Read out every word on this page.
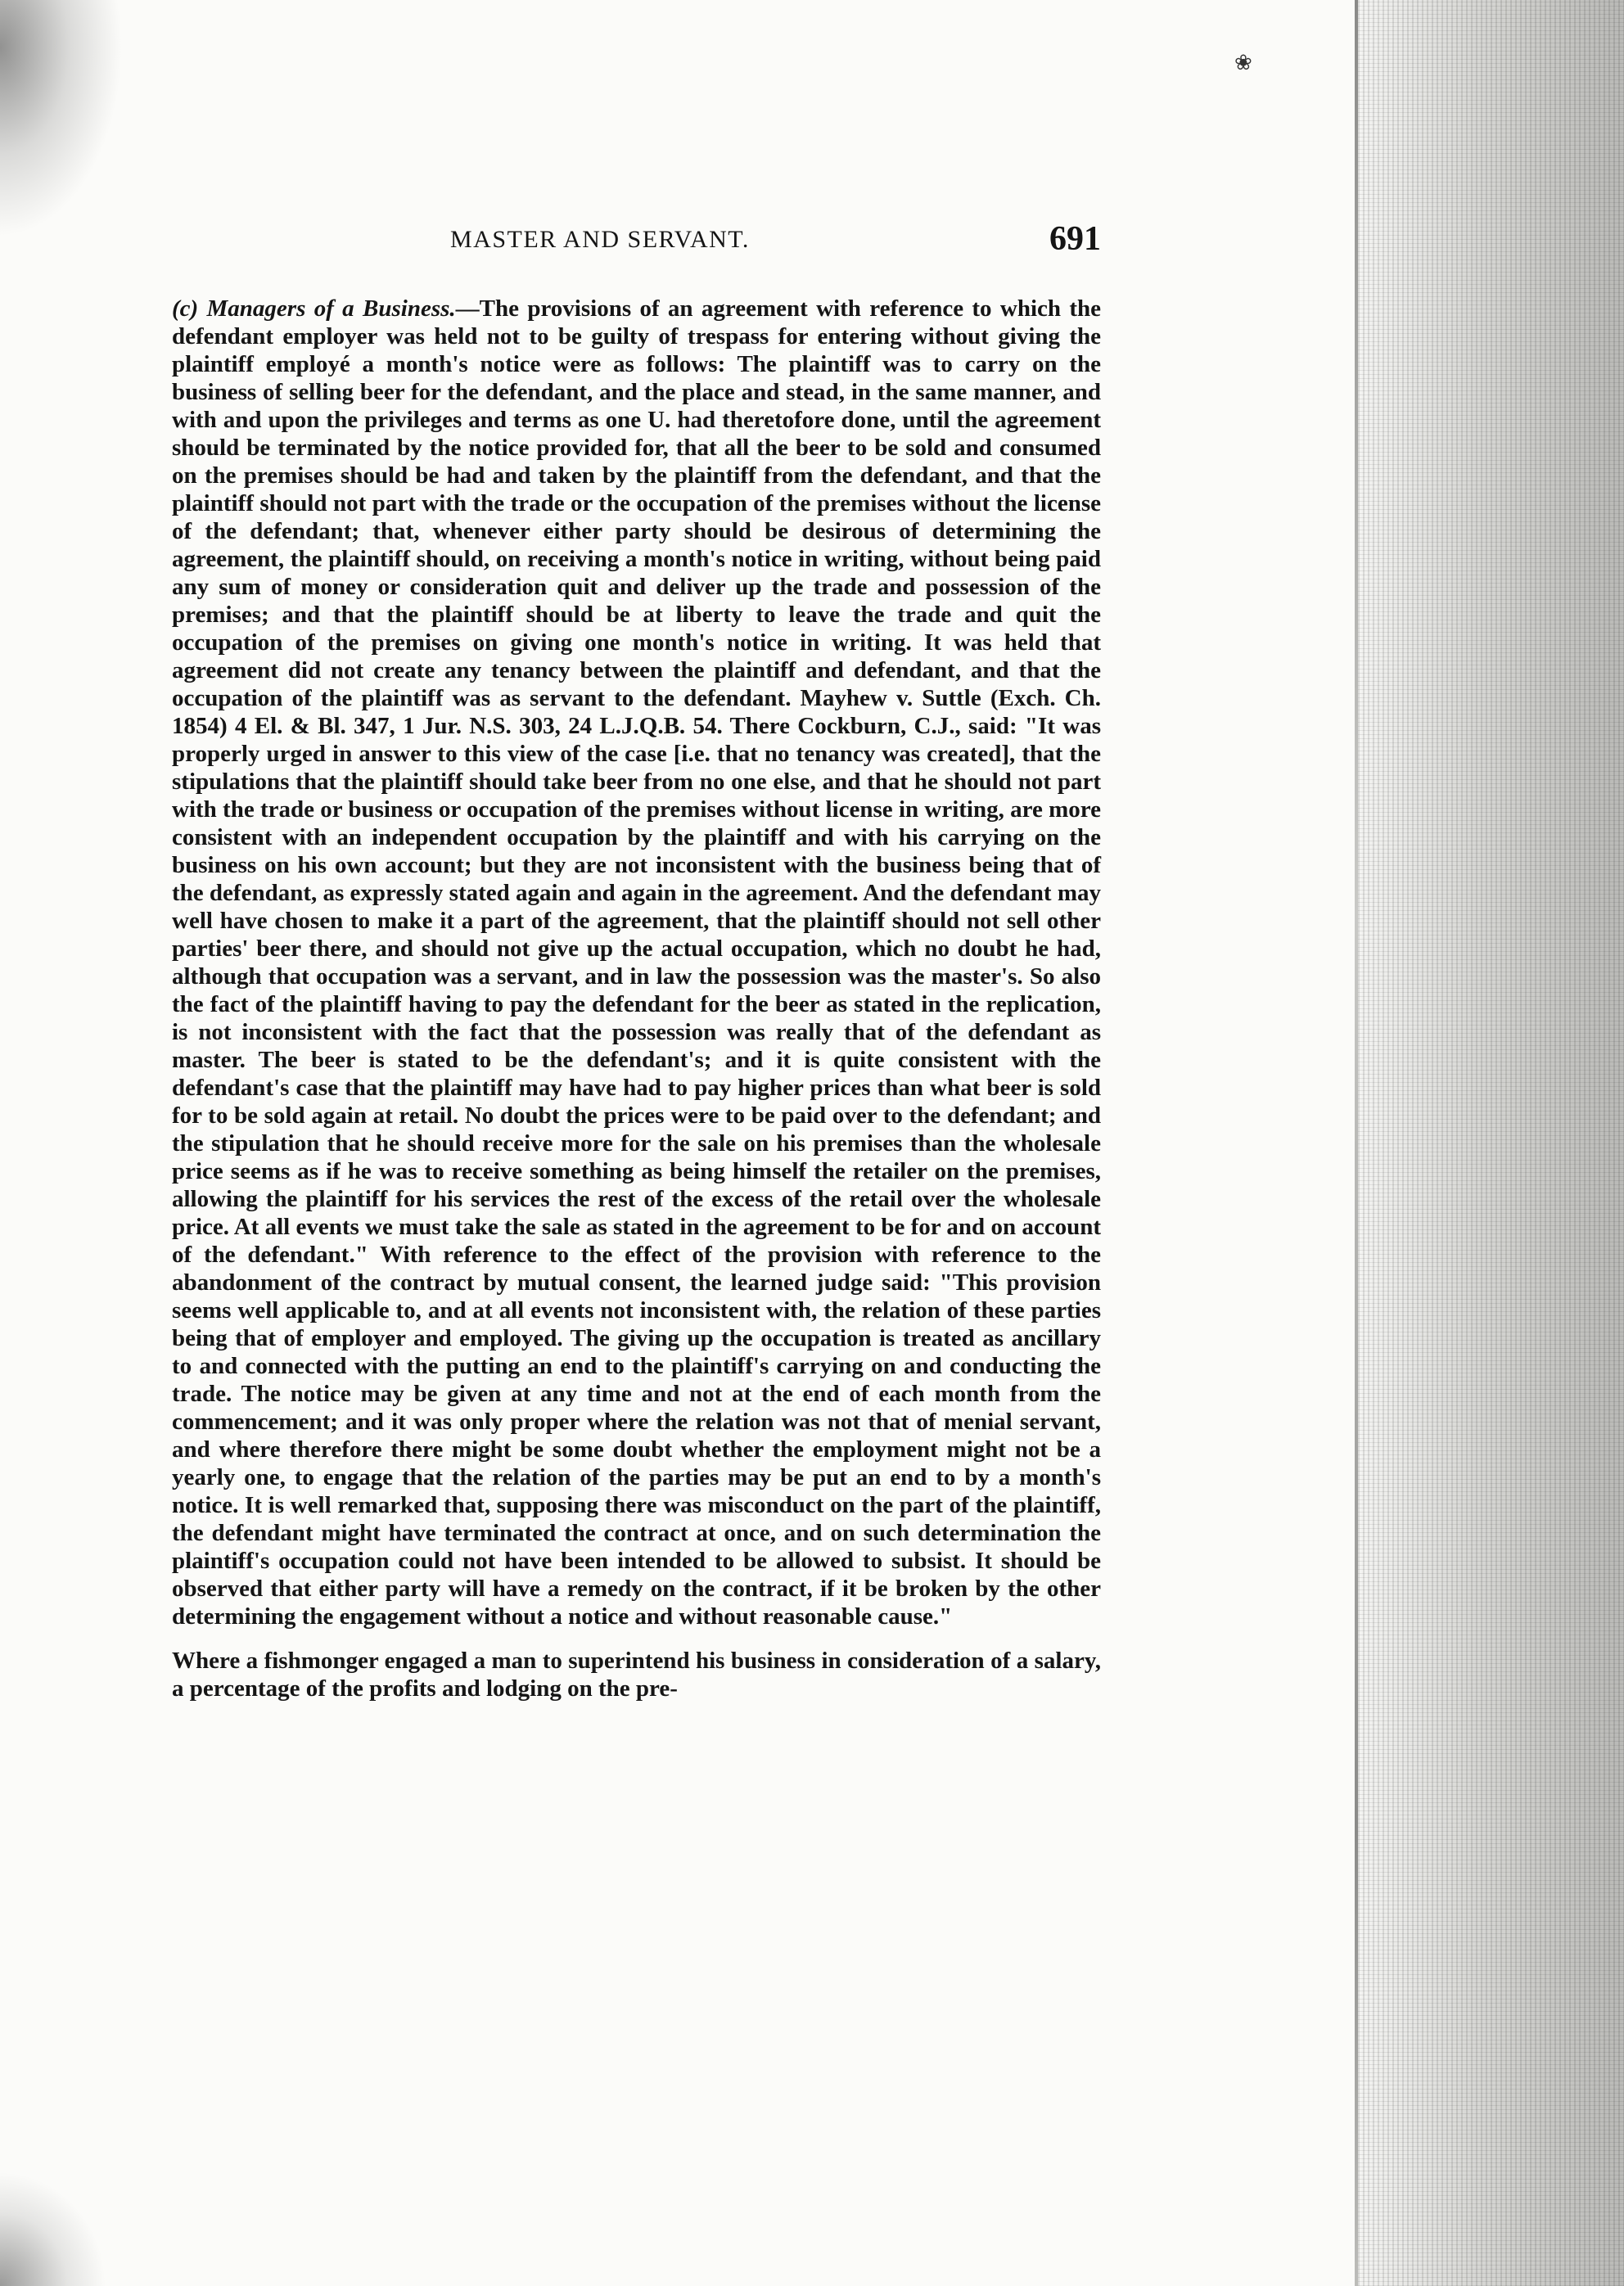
❀
MASTER AND SERVANT.	691

(c) Managers of a Business.—The provisions of an agreement with reference to which the defendant employer was held not to be guilty of trespass for entering without giving the plaintiff employé a month's notice were as follows: The plaintiff was to carry on the business of selling beer for the defendant, and the place and stead, in the same manner, and with and upon the privileges and terms as one U. had theretofore done, until the agreement should be terminated by the notice provided for, that all the beer to be sold and consumed on the premises should be had and taken by the plaintiff from the defendant, and that the plaintiff should not part with the trade or the occupation of the premises without the license of the defendant; that, whenever either party should be desirous of determining the agreement, the plaintiff should, on receiving a month's notice in writing, without being paid any sum of money or consideration quit and deliver up the trade and possession of the premises; and that the plaintiff should be at liberty to leave the trade and quit the occupation of the premises on giving one month's notice in writing. It was held that agreement did not create any tenancy between the plaintiff and defendant, and that the occupation of the plaintiff was as servant to the defendant. Mayhew v. Suttle (Exch. Ch. 1854) 4 El. & Bl. 347, 1 Jur. N.S. 303, 24 L.J.Q.B. 54. There Cockburn, C.J., said: "It was properly urged in answer to this view of the case [i.e. that no tenancy was created], that the stipulations that the plaintiff should take beer from no one else, and that he should not part with the trade or business or occupation of the premises without license in writing, are more consistent with an independent occupation by the plaintiff and with his carrying on the business on his own account; but they are not inconsistent with the business being that of the defendant, as expressly stated again and again in the agreement. And the defendant may well have chosen to make it a part of the agreement, that the plaintiff should not sell other parties' beer there, and should not give up the actual occupation, which no doubt he had, although that occupation was a servant, and in law the possession was the master's. So also the fact of the plaintiff having to pay the defendant for the beer as stated in the replication, is not inconsistent with the fact that the possession was really that of the defendant as master. The beer is stated to be the defendant's; and it is quite consistent with the defendant's case that the plaintiff may have had to pay higher prices than what beer is sold for to be sold again at retail. No doubt the prices were to be paid over to the defendant; and the stipulation that he should receive more for the sale on his premises than the wholesale price seems as if he was to receive something as being himself the retailer on the premises, allowing the plaintiff for his services the rest of the excess of the retail over the wholesale price. At all events we must take the sale as stated in the agreement to be for and on account of the defendant." With reference to the effect of the provision with reference to the abandonment of the contract by mutual consent, the learned judge said: "This provision seems well applicable to, and at all events not inconsistent with, the relation of these parties being that of employer and employed. The giving up the occupation is treated as ancillary to and connected with the putting an end to the plaintiff's carrying on and conducting the trade. The notice may be given at any time and not at the end of each month from the commencement; and it was only proper where the relation was not that of menial servant, and where therefore there might be some doubt whether the employment might not be a yearly one, to engage that the relation of the parties may be put an end to by a month's notice. It is well remarked that, supposing there was misconduct on the part of the plaintiff, the defendant might have terminated the contract at once, and on such determination the plaintiff's occupation could not have been intended to be allowed to subsist. It should be observed that either party will have a remedy on the contract, if it be broken by the other determining the engagement without a notice and without reasonable cause."

Where a fishmonger engaged a man to superintend his business in consideration of a salary, a percentage of the profits and lodging on the pre-
